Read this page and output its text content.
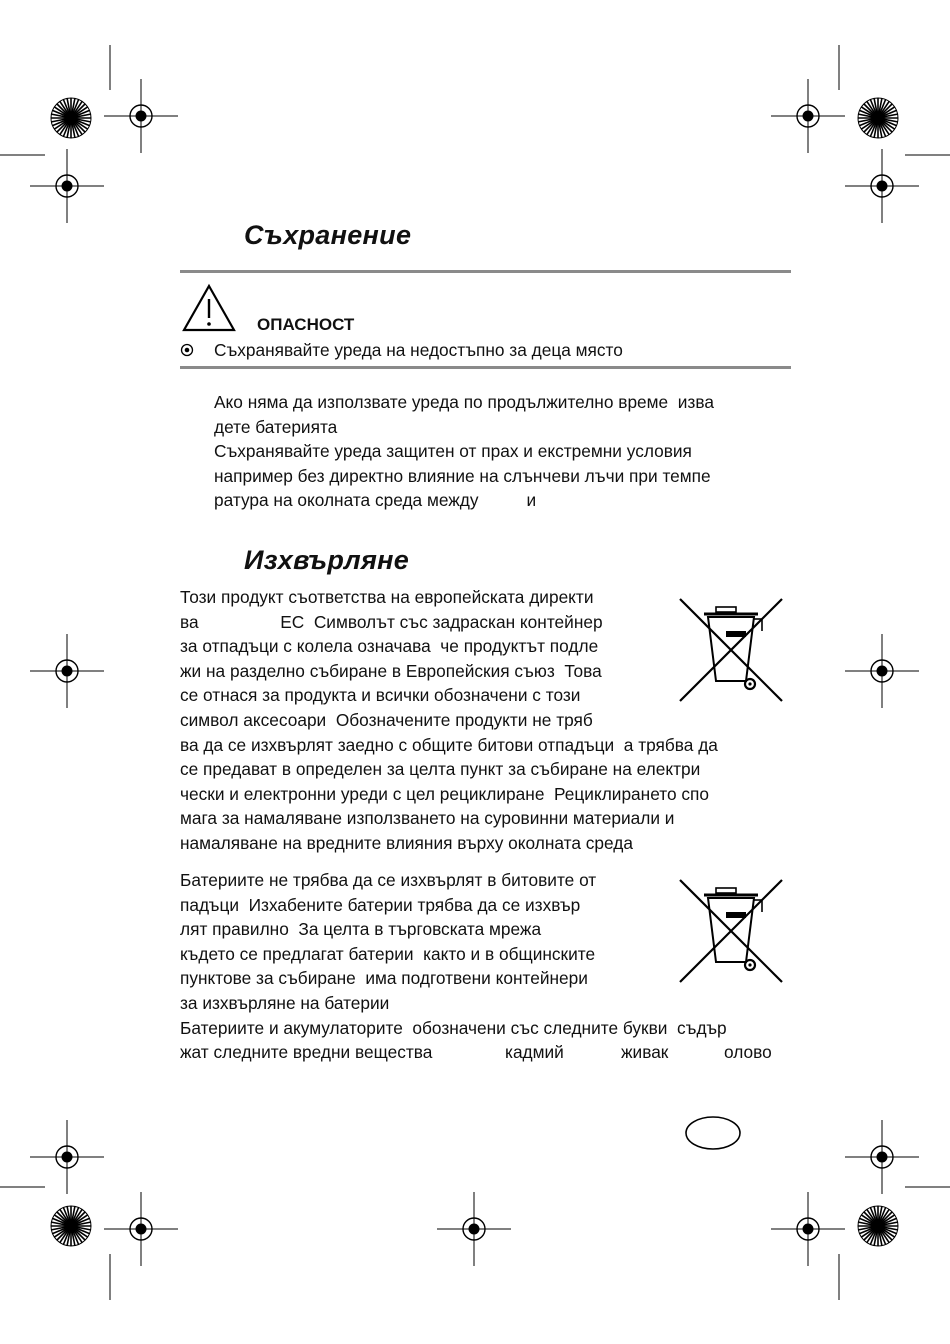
Съхранение
ОПАСНОСТ
Съхранявайте уреда на недостъпно за деца място
Ако няма да използвате уреда по продължително време  изва
дете батерията
Съхранявайте уреда защитен от прах и екстремни условия
например без директно влияние на слънчеви лъчи при темпе
ратура на околната среда между          и
Изхвърляне
Този продукт съответства на европейската директи
ва                 ЕС  Символът със задраскан контейнер
за отпадъци с колела означава  че продуктът подле
жи на разделно събиране в Европейския съюз  Това
се отнася за продукта и всички обозначени с този
символ аксесоари  Обозначените продукти не тряб
ва да се изхвърлят заедно с общите битови отпадъци  а трябва да
се предават в определен за целта пункт за събиране на електри
чески и електронни уреди с цел рециклиране  Рециклирането спо
мага за намаляване използването на суровинни материали и
намаляване на вредните влияния върху околната среда
Батериите не трябва да се изхвърлят в битовите от
падъци  Изхабените батерии трябва да се изхвър
лят правилно  За целта в търговската мрежа
където се предлагат батерии  както и в общинските
пунктове за събиране  има подготвени контейнери
за изхвърляне на батерии
Батериите и акумулаторите  обозначени със следните букви  съдър
жат следните вредни вещества	кадмий	живак	олово
